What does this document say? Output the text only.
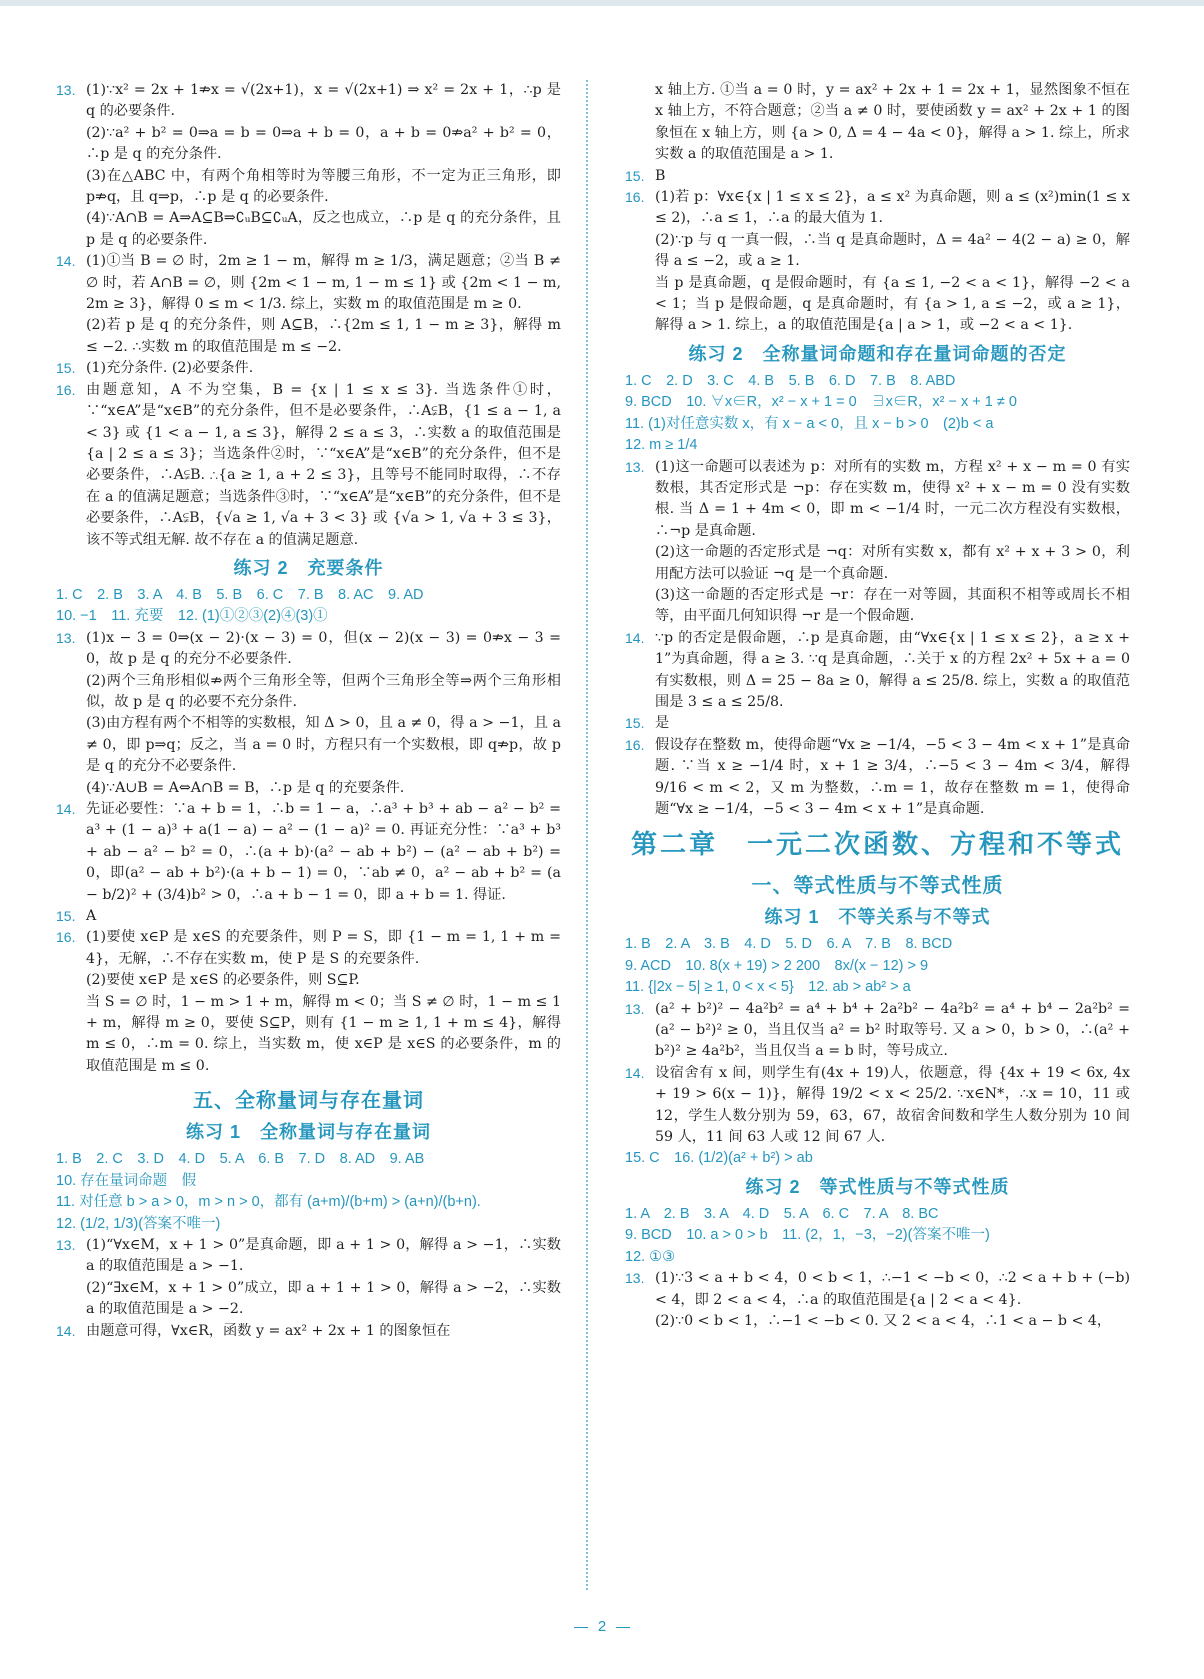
13. (1)∵x² = 2x + 1⇏x = √(2x+1)，x = √(2x+1) ⇒ x² = 2x + 1，∴p 是 q 的必要条件.
(2)∵a² + b² = 0⇒a = b = 0⇒a + b = 0，a + b = 0⇏a² + b² = 0，∴p 是 q 的充分条件.
(3)在△ABC 中，有两个角相等时为等腰三角形，不一定为正三角形，即 p⇏q，且 q⇒p，∴p 是 q 的必要条件.
(4)∵A∩B = A⇒A⊆B⇒∁ᵤB⊆∁ᵤA，反之也成立，∴p 是 q 的充分条件，且 p 是 q 的必要条件.
14. (1)①当 B = ∅ 时，2m ≥ 1 − m，解得 m ≥ 1/3，满足题意；②当 B ≠ ∅ 时，若 A∩B = ∅，则 {2m < 1 − m, 1 − m ≤ 1} 或 {2m < 1 − m, 2m ≥ 3}，解得 0 ≤ m < 1/3. 综上，实数 m 的取值范围是 m ≥ 0.
(2)若 p 是 q 的充分条件，则 A⊆B，∴{2m ≤ 1, 1 − m ≥ 3}，解得 m ≤ −2. ∴实数 m 的取值范围是 m ≤ −2.
15. (1)充分条件. (2)必要条件.
16. 由题意知，A 不为空集，B = {x | 1 ≤ x ≤ 3}. 当选条件①时，∵“x∈A”是“x∈B”的充分条件，但不是必要条件，∴A⫋B，{1 ≤ a − 1, a < 3} 或 {1 < a − 1, a ≤ 3}，解得 2 ≤ a ≤ 3，∴实数 a 的取值范围是{a | 2 ≤ a ≤ 3}；当选条件②时，∵“x∈A”是“x∈B”的充分条件，但不是必要条件，∴A⫋B. ∴{a ≥ 1, a + 2 ≤ 3}，且等号不能同时取得，∴不存在 a 的值满足题意；当选条件③时，∵“x∈A”是“x∈B”的充分条件，但不是必要条件，∴A⫋B，{√a ≥ 1, √a + 3 < 3} 或 {√a > 1, √a + 3 ≤ 3}，该不等式组无解. 故不存在 a 的值满足题意.
练习 2　充要条件
1. C　2. B　3. A　4. B　5. B　6. C　7. B　8. AC　9. AD
10. −1　11. 充要　12. (1)①②③(2)④(3)①
13. (1)x − 3 = 0⇒(x − 2)·(x − 3) = 0，但(x − 2)(x − 3) = 0⇏x − 3 = 0，故 p 是 q 的充分不必要条件.
(2)两个三角形相似⇏两个三角形全等，但两个三角形全等⇒两个三角形相似，故 p 是 q 的必要不充分条件.
(3)由方程有两个不相等的实数根，知 Δ > 0，且 a ≠ 0，得 a > −1，且 a ≠ 0，即 p⇒q；反之，当 a = 0 时，方程只有一个实数根，即 q⇏p，故 p 是 q 的充分不必要条件.
(4)∵A∪B = A⇔A∩B = B，∴p 是 q 的充要条件.
14. 先证必要性：∵a + b = 1，∴b = 1 − a，∴a³ + b³ + ab − a² − b² = a³ + (1 − a)³ + a(1 − a) − a² − (1 − a)² = 0. 再证充分性：∵a³ + b³ + ab − a² − b² = 0，∴(a + b)·(a² − ab + b²) − (a² − ab + b²) = 0，即(a² − ab + b²)·(a + b − 1) = 0，∵ab ≠ 0，a² − ab + b² = (a − b/2)² + (3/4)b² > 0，∴a + b − 1 = 0，即 a + b = 1. 得证.
15. A
16. (1)要使 x∈P 是 x∈S 的充要条件，则 P = S，即 {1 − m = 1, 1 + m = 4}，无解，∴不存在实数 m，使 P 是 S 的充要条件.
(2)要使 x∈P 是 x∈S 的必要条件，则 S⊆P.
当 S = ∅ 时，1 − m > 1 + m，解得 m < 0；当 S ≠ ∅ 时，1 − m ≤ 1 + m，解得 m ≥ 0，要使 S⊆P，则有 {1 − m ≥ 1, 1 + m ≤ 4}，解得 m ≤ 0，∴m = 0. 综上，当实数 m，使 x∈P 是 x∈S 的必要条件，m 的取值范围是 m ≤ 0.
五、全称量词与存在量词
练习 1　全称量词与存在量词
1. B　2. C　3. D　4. D　5. A　6. B　7. D　8. AD　9. AB
10. 存在量词命题　假
11. 对任意 b > a > 0，m > n > 0，都有 (a+m)/(b+m) > (a+n)/(b+n).
12. (1/2, 1/3)(答案不唯一)
13. (1)“∀x∈M，x + 1 > 0”是真命题，即 a + 1 > 0，解得 a > −1，∴实数 a 的取值范围是 a > −1.
(2)“∃x∈M，x + 1 > 0”成立，即 a + 1 + 1 > 0，解得 a > −2，∴实数 a 的取值范围是 a > −2.
14. 由题意可得，∀x∈R，函数 y = ax² + 2x + 1 的图象恒在
x 轴上方. ①当 a = 0 时，y = ax² + 2x + 1 = 2x + 1，显然图象不恒在 x 轴上方，不符合题意；②当 a ≠ 0 时，要使函数 y = ax² + 2x + 1 的图象恒在 x 轴上方，则 {a > 0, Δ = 4 − 4a < 0}，解得 a > 1. 综上，所求实数 a 的取值范围是 a > 1.
15. B
16. (1)若 p：∀x∈{x | 1 ≤ x ≤ 2}，a ≤ x² 为真命题，则 a ≤ (x²)min(1 ≤ x ≤ 2)，∴a ≤ 1，∴a 的最大值为 1.
(2)∵p 与 q 一真一假，∴当 q 是真命题时，Δ = 4a² − 4(2 − a) ≥ 0，解得 a ≤ −2，或 a ≥ 1.
当 p 是真命题，q 是假命题时，有 {a ≤ 1, −2 < a < 1}，解得 −2 < a < 1；当 p 是假命题，q 是真命题时，有 {a > 1, a ≤ −2，或 a ≥ 1}，解得 a > 1. 综上，a 的取值范围是{a | a > 1，或 −2 < a < 1}.
练习 2　全称量词命题和存在量词命题的否定
1. C　2. D　3. C　4. B　5. B　6. D　7. B　8. ABD
9. BCD　10. ∀x∈R，x² − x + 1 = 0　∃x∈R，x² − x + 1 ≠ 0
11. (1)对任意实数 x，有 x − a < 0，且 x − b > 0　(2)b < a
12. m ≥ 1/4
13. (1)这一命题可以表述为 p：对所有的实数 m，方程 x² + x − m = 0 有实数根，其否定形式是 ¬p：存在实数 m，使得 x² + x − m = 0 没有实数根. 当 Δ = 1 + 4m < 0，即 m < −1/4 时，一元二次方程没有实数根，∴¬p 是真命题.
(2)这一命题的否定形式是 ¬q：对所有实数 x，都有 x² + x + 3 > 0，利用配方法可以验证 ¬q 是一个真命题.
(3)这一命题的否定形式是 ¬r：存在一对等圆，其面积不相等或周长不相等，由平面几何知识得 ¬r 是一个假命题.
14. ∵p 的否定是假命题，∴p 是真命题，由“∀x∈{x | 1 ≤ x ≤ 2}，a ≥ x + 1”为真命题，得 a ≥ 3. ∵q 是真命题，∴关于 x 的方程 2x² + 5x + a = 0 有实数根，则 Δ = 25 − 8a ≥ 0，解得 a ≤ 25/8. 综上，实数 a 的取值范围是 3 ≤ a ≤ 25/8.
15. 是
16. 假设存在整数 m，使得命题“∀x ≥ −1/4，−5 < 3 − 4m < x + 1”是真命题. ∵当 x ≥ −1/4 时，x + 1 ≥ 3/4，∴−5 < 3 − 4m < 3/4，解得 9/16 < m < 2，又 m 为整数，∴m = 1，故存在整数 m = 1，使得命题“∀x ≥ −1/4，−5 < 3 − 4m < x + 1”是真命题.
第二章　一元二次函数、方程和不等式
一、等式性质与不等式性质
练习 1　不等关系与不等式
1. B　2. A　3. B　4. D　5. D　6. A　7. B　8. BCD
9. ACD　10. 8(x + 19) > 2 200　8x/(x − 12) > 9
11. {|2x − 5| ≥ 1, 0 < x < 5}　12. ab > ab² > a
13. (a² + b²)² − 4a²b² = a⁴ + b⁴ + 2a²b² − 4a²b² = a⁴ + b⁴ − 2a²b² = (a² − b²)² ≥ 0，当且仅当 a² = b² 时取等号. 又 a > 0，b > 0，∴(a² + b²)² ≥ 4a²b²，当且仅当 a = b 时，等号成立.
14. 设宿舍有 x 间，则学生有(4x + 19)人，依题意，得 {4x + 19 < 6x, 4x + 19 > 6(x − 1)}，解得 19/2 < x < 25/2. ∵x∈N*，∴x = 10，11 或 12，学生人数分别为 59，63，67，故宿舍间数和学生人数分别为 10 间 59 人，11 间 63 人或 12 间 67 人.
15. C　16. (1/2)(a² + b²) > ab
练习 2　等式性质与不等式性质
1. A　2. B　3. A　4. D　5. A　6. C　7. A　8. BC
9. BCD　10. a > 0 > b　11. (2，1，−3，−2)(答案不唯一)
12. ①③
13. (1)∵3 < a + b < 4，0 < b < 1，∴−1 < −b < 0，∴2 < a + b + (−b) < 4，即 2 < a < 4，∴a 的取值范围是{a | 2 < a < 4}.
(2)∵0 < b < 1，∴−1 < −b < 0. 又 2 < a < 4，∴1 < a − b < 4，
2
